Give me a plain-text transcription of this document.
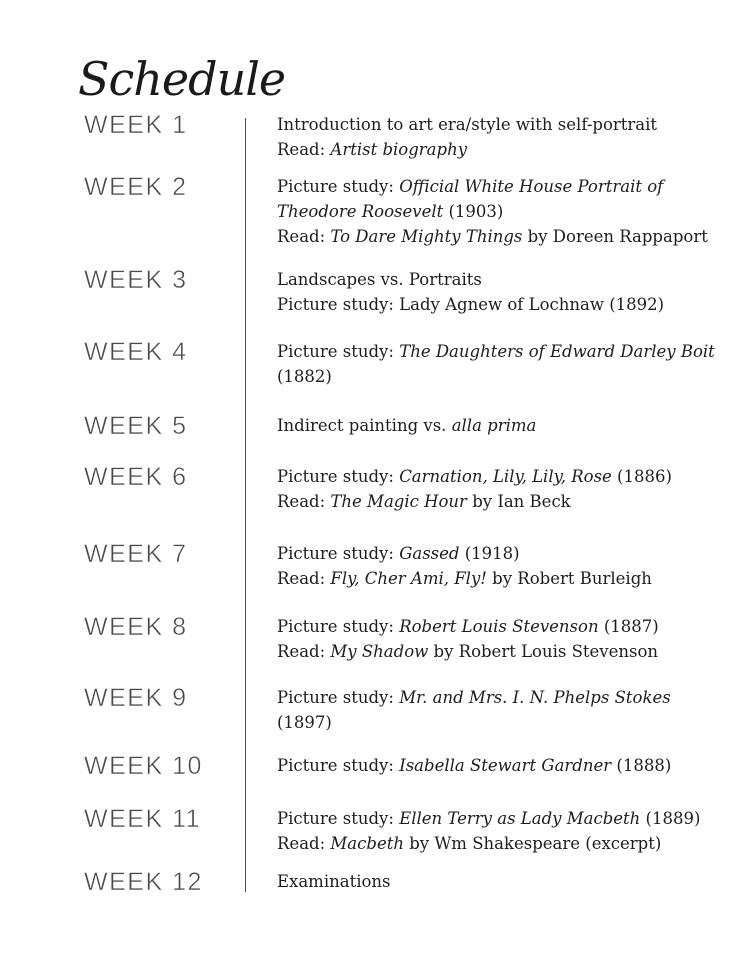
Schedule
WEEK 1	Introduction to art era/style with self-portrait
Read: Artist biography
WEEK 2	Picture study: Official White House Portrait of
Theodore Roosevelt (1903)
Read: To Dare Mighty Things by Doreen Rappaport
WEEK 3	Landscapes vs. Portraits
Picture study: Lady Agnew of Lochnaw (1892)
WEEK 4	Picture study: The Daughters of Edward Darley Boit
(1882)
WEEK 5	Indirect painting vs. alla prima
WEEK 6	Picture study: Carnation, Lily, Lily, Rose (1886)
Read: The Magic Hour by Ian Beck
WEEK 7	Picture study: Gassed (1918)
Read: Fly, Cher Ami, Fly! by Robert Burleigh
WEEK 8	Picture study: Robert Louis Stevenson (1887)
Read: My Shadow by Robert Louis Stevenson
WEEK 9	Picture study: Mr. and Mrs. I. N. Phelps Stokes
(1897)
WEEK 10	Picture study: Isabella Stewart Gardner (1888)
WEEK 11	Picture study: Ellen Terry as Lady Macbeth (1889)
Read: Macbeth by Wm Shakespeare (excerpt)
WEEK 12	Examinations
